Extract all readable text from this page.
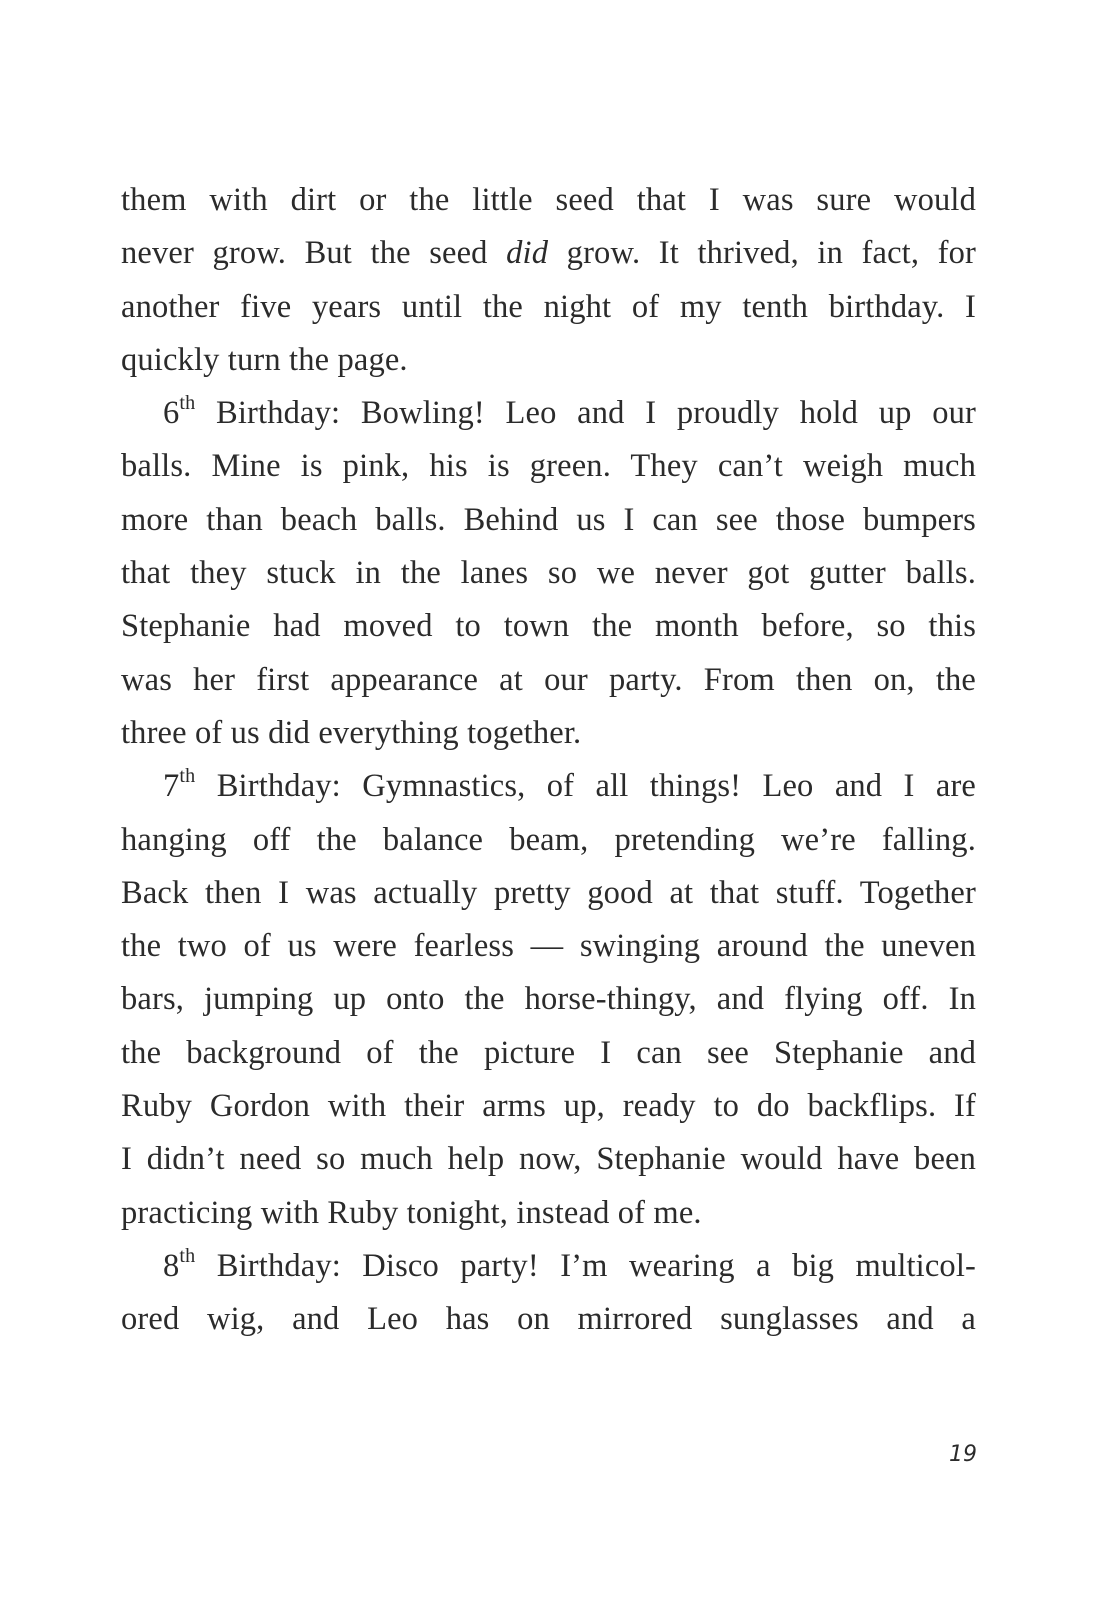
them with dirt or the little seed that I was sure would
never grow. But the seed did grow. It thrived, in fact, for
another five years until the night of my tenth birthday. I
quickly turn the page.
6th Birthday: Bowling! Leo and I proudly hold up our
balls. Mine is pink, his is green. They can’t weigh much
more than beach balls. Behind us I can see those bumpers
that they stuck in the lanes so we never got gutter balls.
Stephanie had moved to town the month before, so this
was her first appearance at our party. From then on, the
three of us did everything together.
7th Birthday: Gymnastics, of all things! Leo and I are
hanging off the balance beam, pretending we’re falling.
Back then I was actually pretty good at that stuff. Together
the two of us were fearless — swinging around the uneven
bars, jumping up onto the horse-thingy, and flying off. In
the background of the picture I can see Stephanie and
Ruby Gordon with their arms up, ready to do backflips. If
I didn’t need so much help now, Stephanie would have been
practicing with Ruby tonight, instead of me.
8th Birthday: Disco party! I’m wearing a big multicol-
ored wig, and Leo has on mirrored sunglasses and a
19
